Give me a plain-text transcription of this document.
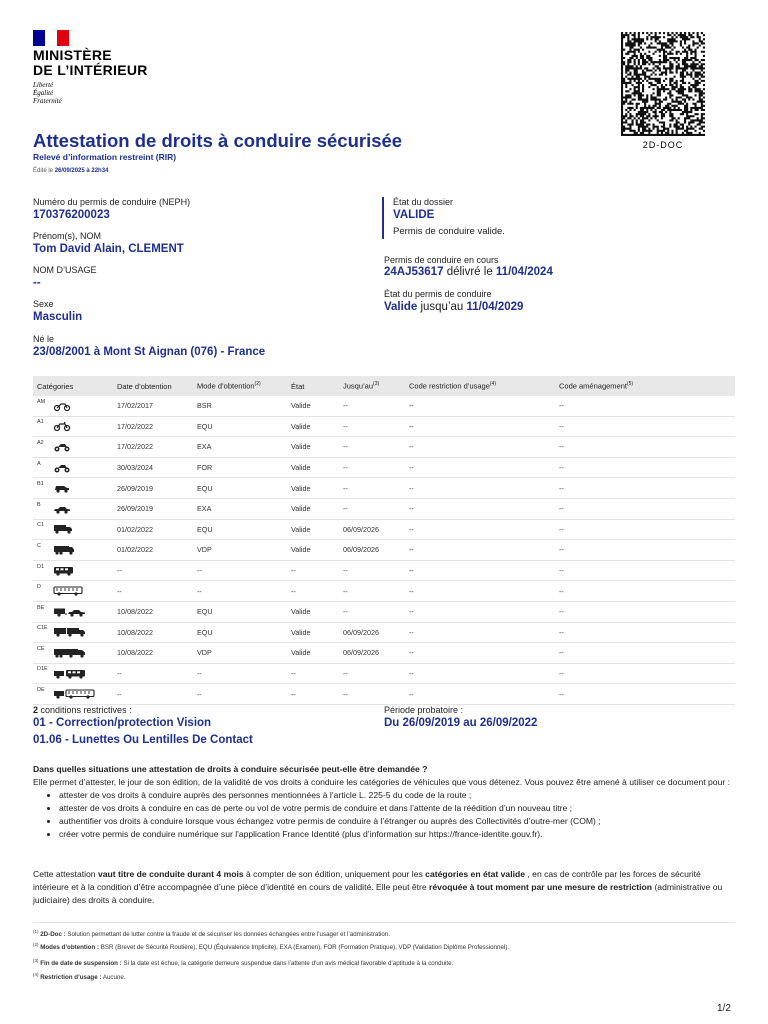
MINISTÈRE
DE L’INTÉRIEUR
Liberté
Égalité
Fraternité
2D-DOC
Attestation de droits à conduire sécurisée
Relevé d’information restreint (RIR)
Édité le 26/09/2025 à 22h34
Numéro du permis de conduire (NEPH)
170376200023
Prénom(s), NOM
Tom David Alain, CLEMENT
NOM D’USAGE
--
Sexe
Masculin
Né le
23/08/2001 à Mont St Aignan (076) - France
État du dossier
VALIDE
Permis de conduire valide.
Permis de conduire en cours
24AJ53617 délivré le 11/04/2024
État du permis de conduire
Valide jusqu’au 11/04/2029
Catégories	Date d’obtention	Mode d’obtention$^{(2)}$	État	$Jusqu’au^{(3)}$	Code restriction d’usage$^{(4)}$	Code aménagement$^{(5)}$
AM	17/02/2017	BSR	Valide	--	--	--
A1	17/02/2022	EQU	Valide	--	--	--
A2	17/02/2022	EXA	Valide	--	--	--
A	30/03/2024	FOR	Valide	--	--	--
B1	26/09/2019	EQU	Valide	--	--	--
B	26/09/2019	EXA	Valide	--	--	--
C1	01/02/2022	EQU	Valide	06/09/2026	--	--
C	01/02/2022	VDP	Valide	06/09/2026	--	--
D1	--	--	--	--	--	--
D	--	--	--	--	--	--
BE	10/08/2022	EQU	Valide	--	--	--
C1E	10/08/2022	EQU	Valide	06/09/2026	--	--
CE	10/08/2022	VDP	Valide	06/09/2026	--	--
D1E	--	--	--	--	--	--
DE	--	--	--	--	--	--
2 conditions restrictives :
01 - Correction/protection Vision
01.06 - Lunettes Ou Lentilles De Contact
Période probatoire :
Du 26/09/2019 au 26/09/2022
Dans quelles situations une attestation de droits à conduire sécurisée peut-elle être demandée ?
Elle permet d’attester, le jour de son édition, de la validité de vos droits à conduire les catégories de véhicules que vous détenez. Vous pouvez être amené à utiliser ce document pour :
• attester de vos droits à conduire auprès des personnes mentionnées à l’article L. 225-5 du code de la route ;
• attester de vos droits à conduire en cas de perte ou vol de votre permis de conduire et dans l’attente de la réédition d’un nouveau titre ;
• authentifier vos droits à conduire lorsque vous échangez votre permis de conduire à l’étranger ou auprès des Collectivités d’outre-mer (COM) ;
• créer votre permis de conduire numérique sur l'application France Identité (plus d’information sur https://france-identite.gouv.fr).
Cette attestation vaut titre de conduite durant 4 mois à compter de son édition, uniquement pour les catégories en état valide , en cas de contrôle par les forces de sécurité intérieure et à la condition d’être accompagnée d’une pièce d’identité en cours de validité. Elle peut être révoquée à tout moment par une mesure de restriction (administrative ou judiciaire) des droits à conduire.
$^{(1)}$ 2D-Doc : Solution permettant de lutter contre la fraude et de sécuriser les données échangées entre l’usager et l’administration.
$^{(2)}$ Modes d’obtention : BSR (Brevet de Sécurité Routière), EQU (Équivalence Implicite), EXA (Examen), FOR (Formation Pratique), VDP (Validation Diplôme Professionnel).
$^{(3)}$ Fin de date de suspension : Si la date est échue, la catégorie demeure suspendue dans l’attente d’un avis médical favorable d’aptitude à la conduite.
$^{(4)}$ Restriction d’usage : Aucune.
1/2
